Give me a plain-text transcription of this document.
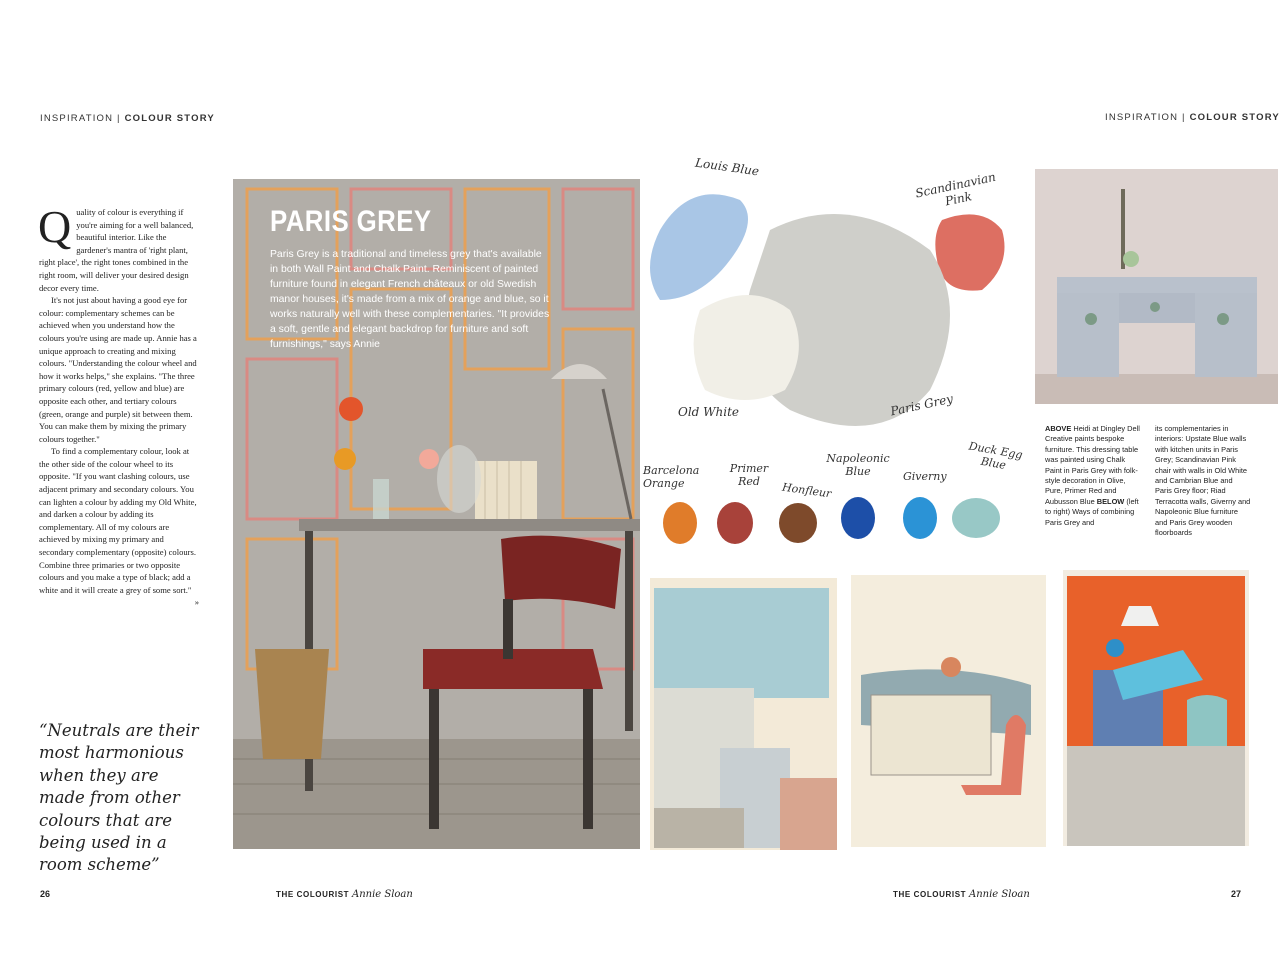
INSPIRATION | COLOUR STORY

Quality of colour is everything if you're aiming for a well balanced, beautiful interior. Like the gardener's mantra of 'right plant, right place', the right tones combined in the right room, will deliver your desired design decor every time.

It's not just about having a good eye for colour: complementary schemes can be achieved when you understand how the colours you're using are made up. Annie has a unique approach to creating and mixing colours. "Understanding the colour wheel and how it works helps," she explains. "The three primary colours (red, yellow and blue) are opposite each other, and tertiary colours (green, orange and purple) sit between them. You can make them by mixing the primary colours together."

To find a complementary colour, look at the other side of the colour wheel to its opposite. "If you want clashing colours, use adjacent primary and secondary colours. You can lighten a colour by adding my Old White, and darken a colour by adding its complementary. All of my colours are achieved by mixing my primary and secondary complementary (opposite) colours. Combine three primaries or two opposite colours and you make a type of black; add a white and it will create a grey of some sort."
»

“Neutrals are their most harmonious when they are made from other colours that are being used in a room scheme”
PARIS GREY
Paris Grey is a traditional and timeless grey that's available in both Wall Paint and Chalk Paint. Reminiscent of painted furniture found in elegant French châteaux or old Swedish manor houses, it's made from a mix of orange and blue, so it works naturally well with these complementaries. "It provides a soft, gentle and elegant backdrop for furniture and soft furnishings," says Annie
26	THE COLOURIST Annie Sloan
INSPIRATION | COLOUR STORY
Louis Blue
Scandinavian Pink
Old White	Paris Grey
Barcelona Orange
Primer Red	Honfleur
Napoleonic Blue	Giverny
Duck Egg Blue
ABOVE Heidi at Dingley Dell Creative paints bespoke furniture. This dressing table was painted using Chalk Paint in Paris Grey with folk-style decoration in Olive, Pure, Primer Red and Aubusson Blue BELOW (left to right) Ways of combining Paris Grey and
its complementaries in interiors: Upstate Blue walls with kitchen units in Paris Grey; Scandinavian Pink chair with walls in Old White and Cambrian Blue and Paris Grey floor; Riad Terracotta walls, Giverny and Napoleonic Blue furniture and Paris Grey wooden floorboards
THE COLOURIST Annie Sloan	27
